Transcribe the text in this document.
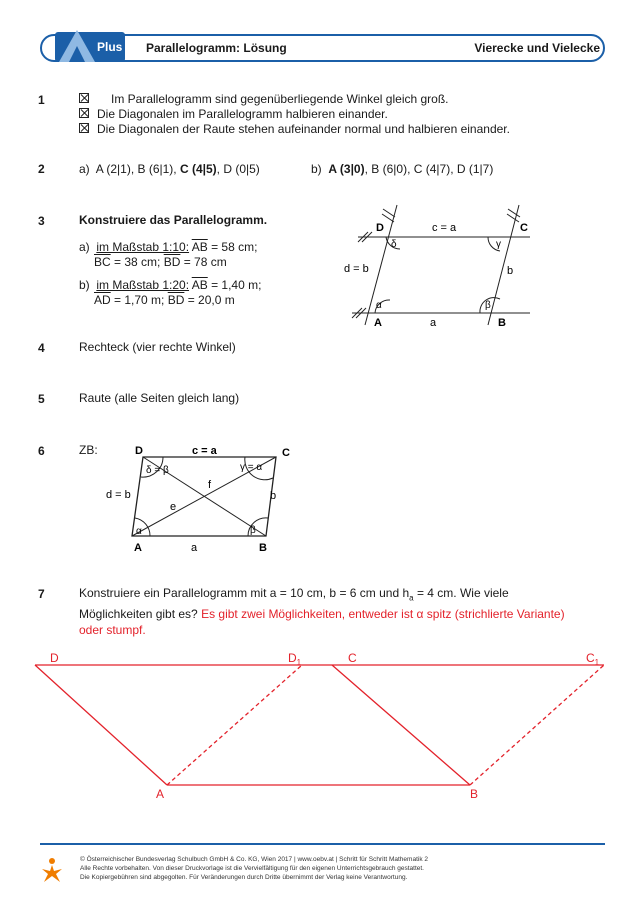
Plus Parallelogramm: Lösung	Vierecke und Vielecke
1	Im Parallelogramm sind gegenüberliegende Winkel gleich groß.
Die Diagonalen im Parallelogramm halbieren einander.
Die Diagonalen der Raute stehen aufeinander normal und halbieren einander.
2	a) A (2|1), B (6|1), C (4|5), D (0|5)	b) A (3|0), B (6|0), C (4|7), D (1|7)
3	Konstruiere das Parallelogramm.
a) im Maßstab 1:10: $\overline{AB} = 58$ cm;
$\overline{BC} = 38$ cm; $\overline{BD} = 78$ cm
b) im Maßstab 1:20: $\overline{AB} = 1,40$ m;
$\overline{AD} = 1,70$ m; $\overline{BD} = 20,0$ m
D	C
A	B
c = a
a
d = b	b
δ	γ
α	β
4	Rechteck (vier rechte Winkel)
5	Raute (alle Seiten gleich lang)
6	ZB:	D	C
A	B
c = a
a
d = b	b
e
f
δ = β	γ = α
α	β
7	Konstruiere ein Parallelogramm mit a = 10 cm, b = 6 cm und $h_a = 4$ cm. Wie viele Möglichkeiten gibt es? Es gibt zwei Möglichkeiten, entweder ist α spitz (strichlierte Variante) oder stumpf.
D	$D_1$	C	$C_1$
A	B
© Österreichischer Bundesverlag Schulbuch GmbH & Co. KG, Wien 2017 | www.oebv.at | Schritt für Schritt Mathematik 2
Alle Rechte vorbehalten. Von dieser Druckvorlage ist die Vervielfältigung für den eigenen Unterrichtsgebrauch gestattet.
Die Kopiergebühren sind abgegolten. Für Veränderungen durch Dritte übernimmt der Verlag keine Verantwortung.
